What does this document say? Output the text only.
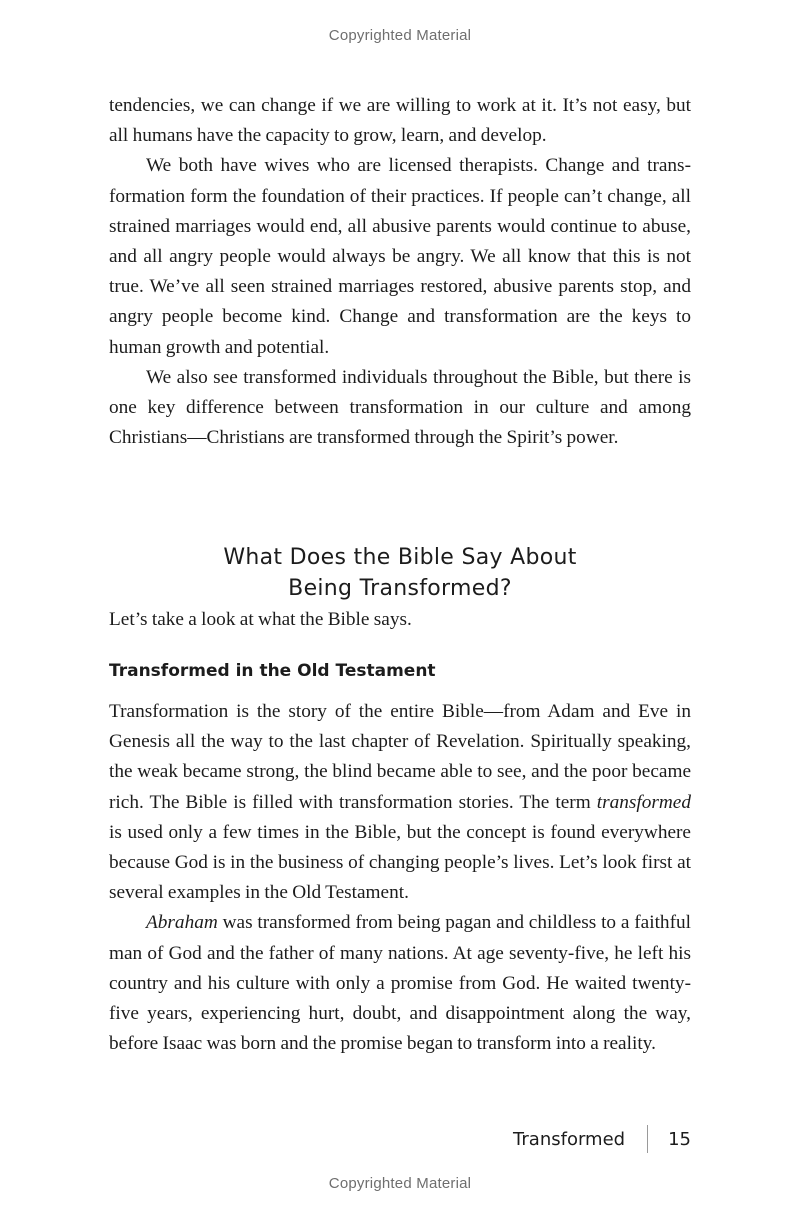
Copyrighted Material

tendencies, we can change if we are willing to work at it. It’s not easy, but all humans have the capacity to grow, learn, and develop.

We both have wives who are licensed therapists. Change and transformation form the foundation of their practices. If people can’t change, all strained marriages would end, all abusive parents would continue to abuse, and all angry people would always be angry. We all know that this is not true. We’ve all seen strained marriages restored, abusive parents stop, and angry people become kind. Change and transformation are the keys to human growth and potential.

We also see transformed individuals throughout the Bible, but there is one key difference between transformation in our culture and among Christians—Christians are transformed through the Spirit’s power.

What Does the Bible Say About
Being Transformed?

Let’s take a look at what the Bible says.

Transformed in the Old Testament

Transformation is the story of the entire Bible—from Adam and Eve in Genesis all the way to the last chapter of Revelation. Spiritually speaking, the weak became strong, the blind became able to see, and the poor became rich. The Bible is filled with transformation stories. The term transformed is used only a few times in the Bible, but the concept is found everywhere because God is in the business of changing people’s lives. Let’s look first at several examples in the Old Testament.

Abraham was transformed from being pagan and childless to a faithful man of God and the father of many nations. At age seventy-five, he left his country and his culture with only a promise from God. He waited twenty-five years, experiencing hurt, doubt, and disappointment along the way, before Isaac was born and the promise began to transform into a reality.

Transformed 15
Copyrighted Material
